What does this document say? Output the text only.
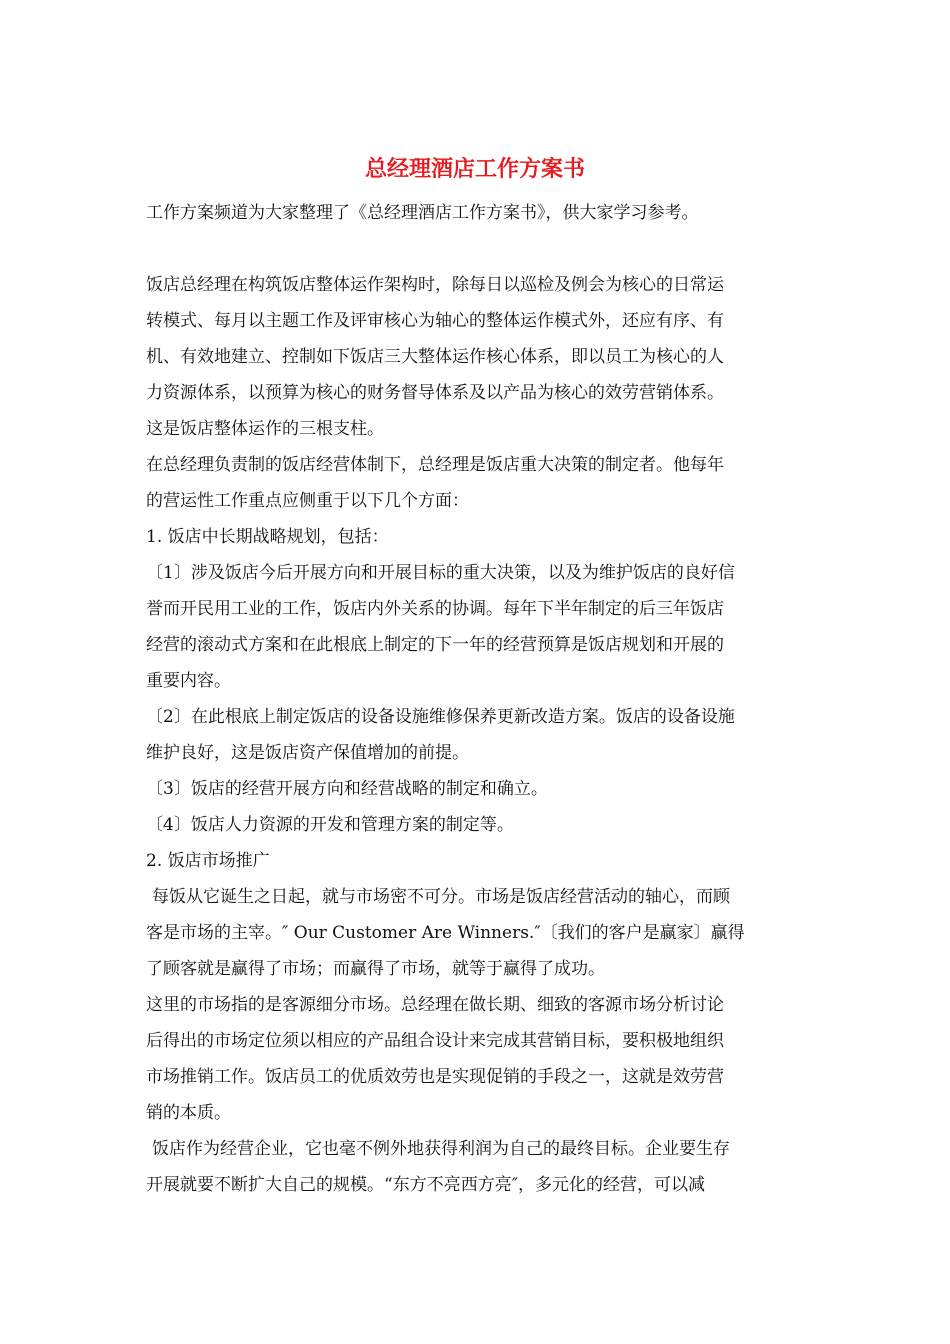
总经理酒店工作方案书

工作方案频道为大家整理了《总经理酒店工作方案书》，供大家学习参考。

饭店总经理在构筑饭店整体运作架构时，除每日以巡检及例会为核心的日常运

转模式、每月以主题工作及评审核心为轴心的整体运作模式外，还应有序、有

机、有效地建立、控制如下饭店三大整体运作核心体系，即以员工为核心的人

力资源体系，以预算为核心的财务督导体系及以产品为核心的效劳营销体系。

这是饭店整体运作的三根支柱。

在总经理负责制的饭店经营体制下，总经理是饭店重大决策的制定者。他每年

的营运性工作重点应侧重于以下几个方面：

1. 饭店中长期战略规划，包括：

〔1〕涉及饭店今后开展方向和开展目标的重大决策，以及为维护饭店的良好信

誉而开民用工业的工作，饭店内外关系的协调。每年下半年制定的后三年饭店

经营的滚动式方案和在此根底上制定的下一年的经营预算是饭店规划和开展的

重要内容。

〔2〕在此根底上制定饭店的设备设施维修保养更新改造方案。饭店的设备设施

维护良好，这是饭店资产保值增加的前提。

〔3〕饭店的经营开展方向和经营战略的制定和确立。

〔4〕饭店人力资源的开发和管理方案的制定等。

2. 饭店市场推广

每饭从它诞生之日起，就与市场密不可分。市场是饭店经营活动的轴心，而顾

客是市场的主宰。″ Our Customer Are Winners.″〔我们的客户是赢家〕赢得

了顾客就是赢得了市场；而赢得了市场，就等于赢得了成功。

这里的市场指的是客源细分市场。总经理在做长期、细致的客源市场分析讨论

后得出的市场定位须以相应的产品组合设计来完成其营销目标，要积极地组织

市场推销工作。饭店员工的优质效劳也是实现促销的手段之一，这就是效劳营

销的本质。

饭店作为经营企业，它也毫不例外地获得利润为自己的最终目标。企业要生存

开展就要不断扩大自己的规模。“东方不亮西方亮″，多元化的经营，可以减
